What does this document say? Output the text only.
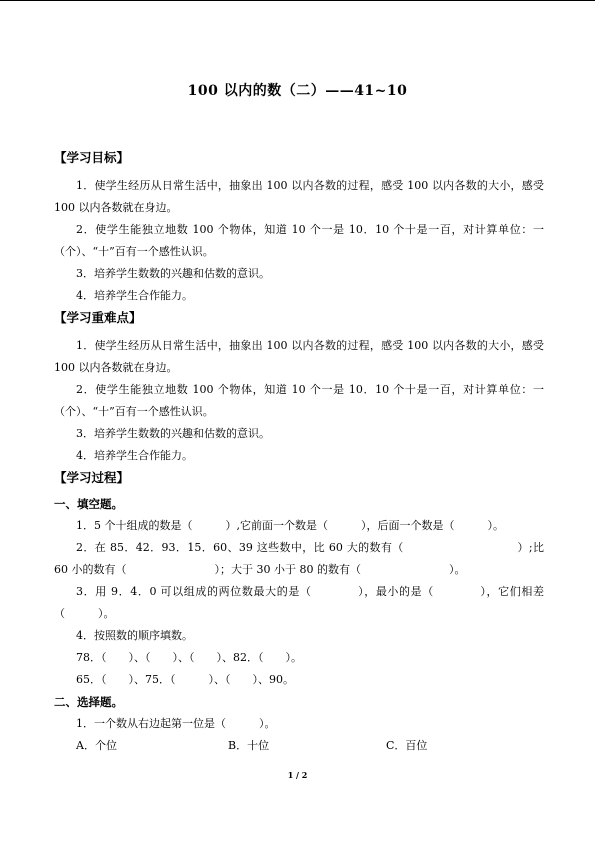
100 以内的数（二）——41~10

【学习目标】

1．使学生经历从日常生活中，抽象出 100 以内各数的过程，感受 100 以内各数的大小，感受 100 以内各数就在身边。

2．使学生能独立地数 100 个物体，知道 10 个一是 10．10 个十是一百，对计算单位：一（个）、“十”百有一个感性认识。

3．培养学生数数的兴趣和估数的意识。

4．培养学生合作能力。

【学习重难点】

1．使学生经历从日常生活中，抽象出 100 以内各数的过程，感受 100 以内各数的大小，感受 100 以内各数就在身边。

2．使学生能独立地数 100 个物体，知道 10 个一是 10．10 个十是一百，对计算单位：一（个）、“十”百有一个感性认识。

3．培养学生数数的兴趣和估数的意识。

4．培养学生合作能力。

【学习过程】

一、填空题。

1．5 个十组成的数是（　　　）,它前面一个数是（　　　），后面一个数是（　　　）。

2．在 85．42．93．15．60、39 这些数中，比 60 大的数有（　　　　　　　　　　）;比 60 小的数有（　　　　　　　　）；大于 30 小于 80 的数有（　　　　　　　　）。

3．用 9．4．0 可以组成的两位数最大的是（　　　　），最小的是（　　　　），它们相差（　　　）。

4．按照数的顺序填数。

78．（　　）、（　　）、（　　）、82．（　　）。

65．（　　）、75．（　　　）、（　　）、90。

二、选择题。

1．一个数从右边起第一位是（　　　）。

A．个位	B．十位	C．百位
1 / 2
